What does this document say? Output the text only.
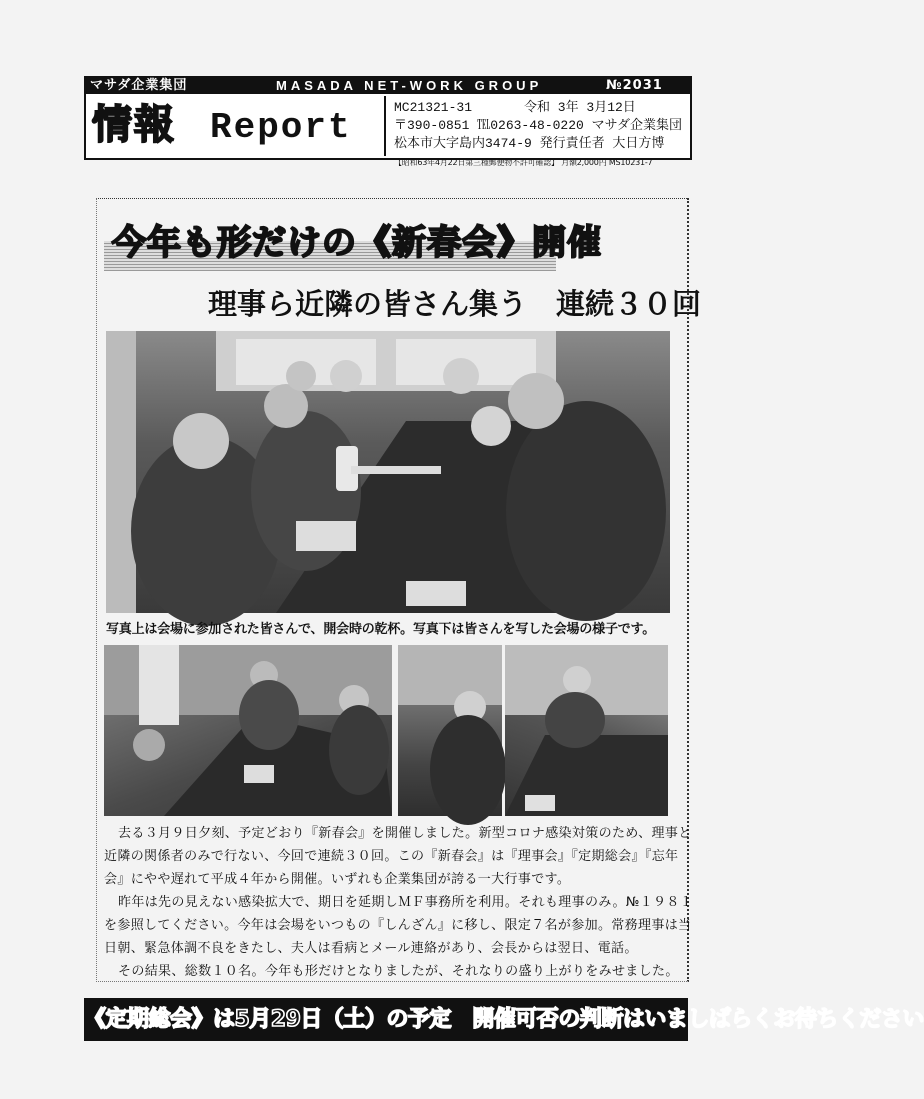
マサダ企業集団	MASADA NET-WORK GROUP	№2031
情報 Report	MC21321-31	令和 3年 3月12日
〒390-0851 ℡0263-48-0220 マサダ企業集団
松本市大字島内3474-9 発行責任者 大日方博
【昭和63年4月22日第三種郵便物不許可確認】 月額2,000円 MS10231-7
今年も形だけの《新春会》開催
理事ら近隣の皆さん集う　連続３０回
写真上は会場に参加された皆さんで、開会時の乾杯。写真下は皆さんを写した会場の様子です。

去る３月９日夕刻、予定どおり『新春会』を開催しました。新型コロナ感染対策のため、理事と

近隣の関係者のみで行ない、今回で連続３０回。この『新春会』は『理事会』『定期総会』『忘年

会』にやや遅れて平成４年から開催。いずれも企業集団が誇る一大行事です。

昨年は先の見えない感染拡大で、期日を延期しＭＦ事務所を利用。それも理事のみ。№１９８１

を参照してください。今年は会場をいつもの『しんざん』に移し、限定７名が参加。常務理事は当

日朝、緊急体調不良をきたし、夫人は看病とメール連絡があり、会長からは翌日、電話。

その結果、総数１０名。今年も形だけとなりましたが、それなりの盛り上がりをみせました。

《定期総会》は5月29日（土）の予定　開催可否の判断はいましばらくお待ちください
